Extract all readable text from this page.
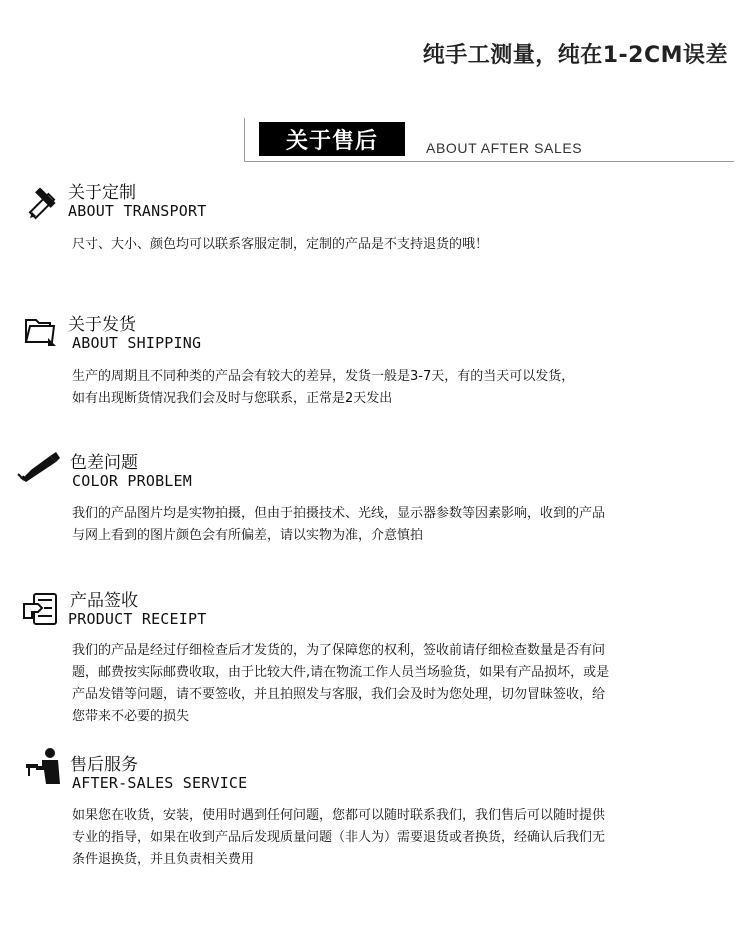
纯手工测量，纯在1-2CM误差
关于售后	ABOUT AFTER SALES
关于定制
ABOUT TRANSPORT
尺寸、大小、颜色均可以联系客服定制，定制的产品是不支持退货的哦！
关于发货
ABOUT SHIPPING
生产的周期且不同种类的产品会有较大的差异，发货一般是3-7天，有的当天可以发货，
如有出现断货情况我们会及时与您联系，正常是2天发出
色差问题
COLOR PROBLEM
我们的产品图片均是实物拍摄，但由于拍摄技术、光线，显示器参数等因素影响，收到的产品
与网上看到的图片颜色会有所偏差，请以实物为准，介意慎拍
产品签收
PRODUCT RECEIPT
我们的产品是经过仔细检查后才发货的，为了保障您的权利，签收前请仔细检查数量是否有问
题，邮费按实际邮费收取，由于比较大件,请在物流工作人员当场验货，如果有产品损坏，或是
产品发错等问题，请不要签收，并且拍照发与客服，我们会及时为您处理，切勿冒昧签收，给
您带来不必要的损失
售后服务
AFTER-SALES SERVICE
如果您在收货，安装，使用时遇到任何问题，您都可以随时联系我们，我们售后可以随时提供
专业的指导，如果在收到产品后发现质量问题（非人为）需要退货或者换货，经确认后我们无
条件退换货，并且负责相关费用
